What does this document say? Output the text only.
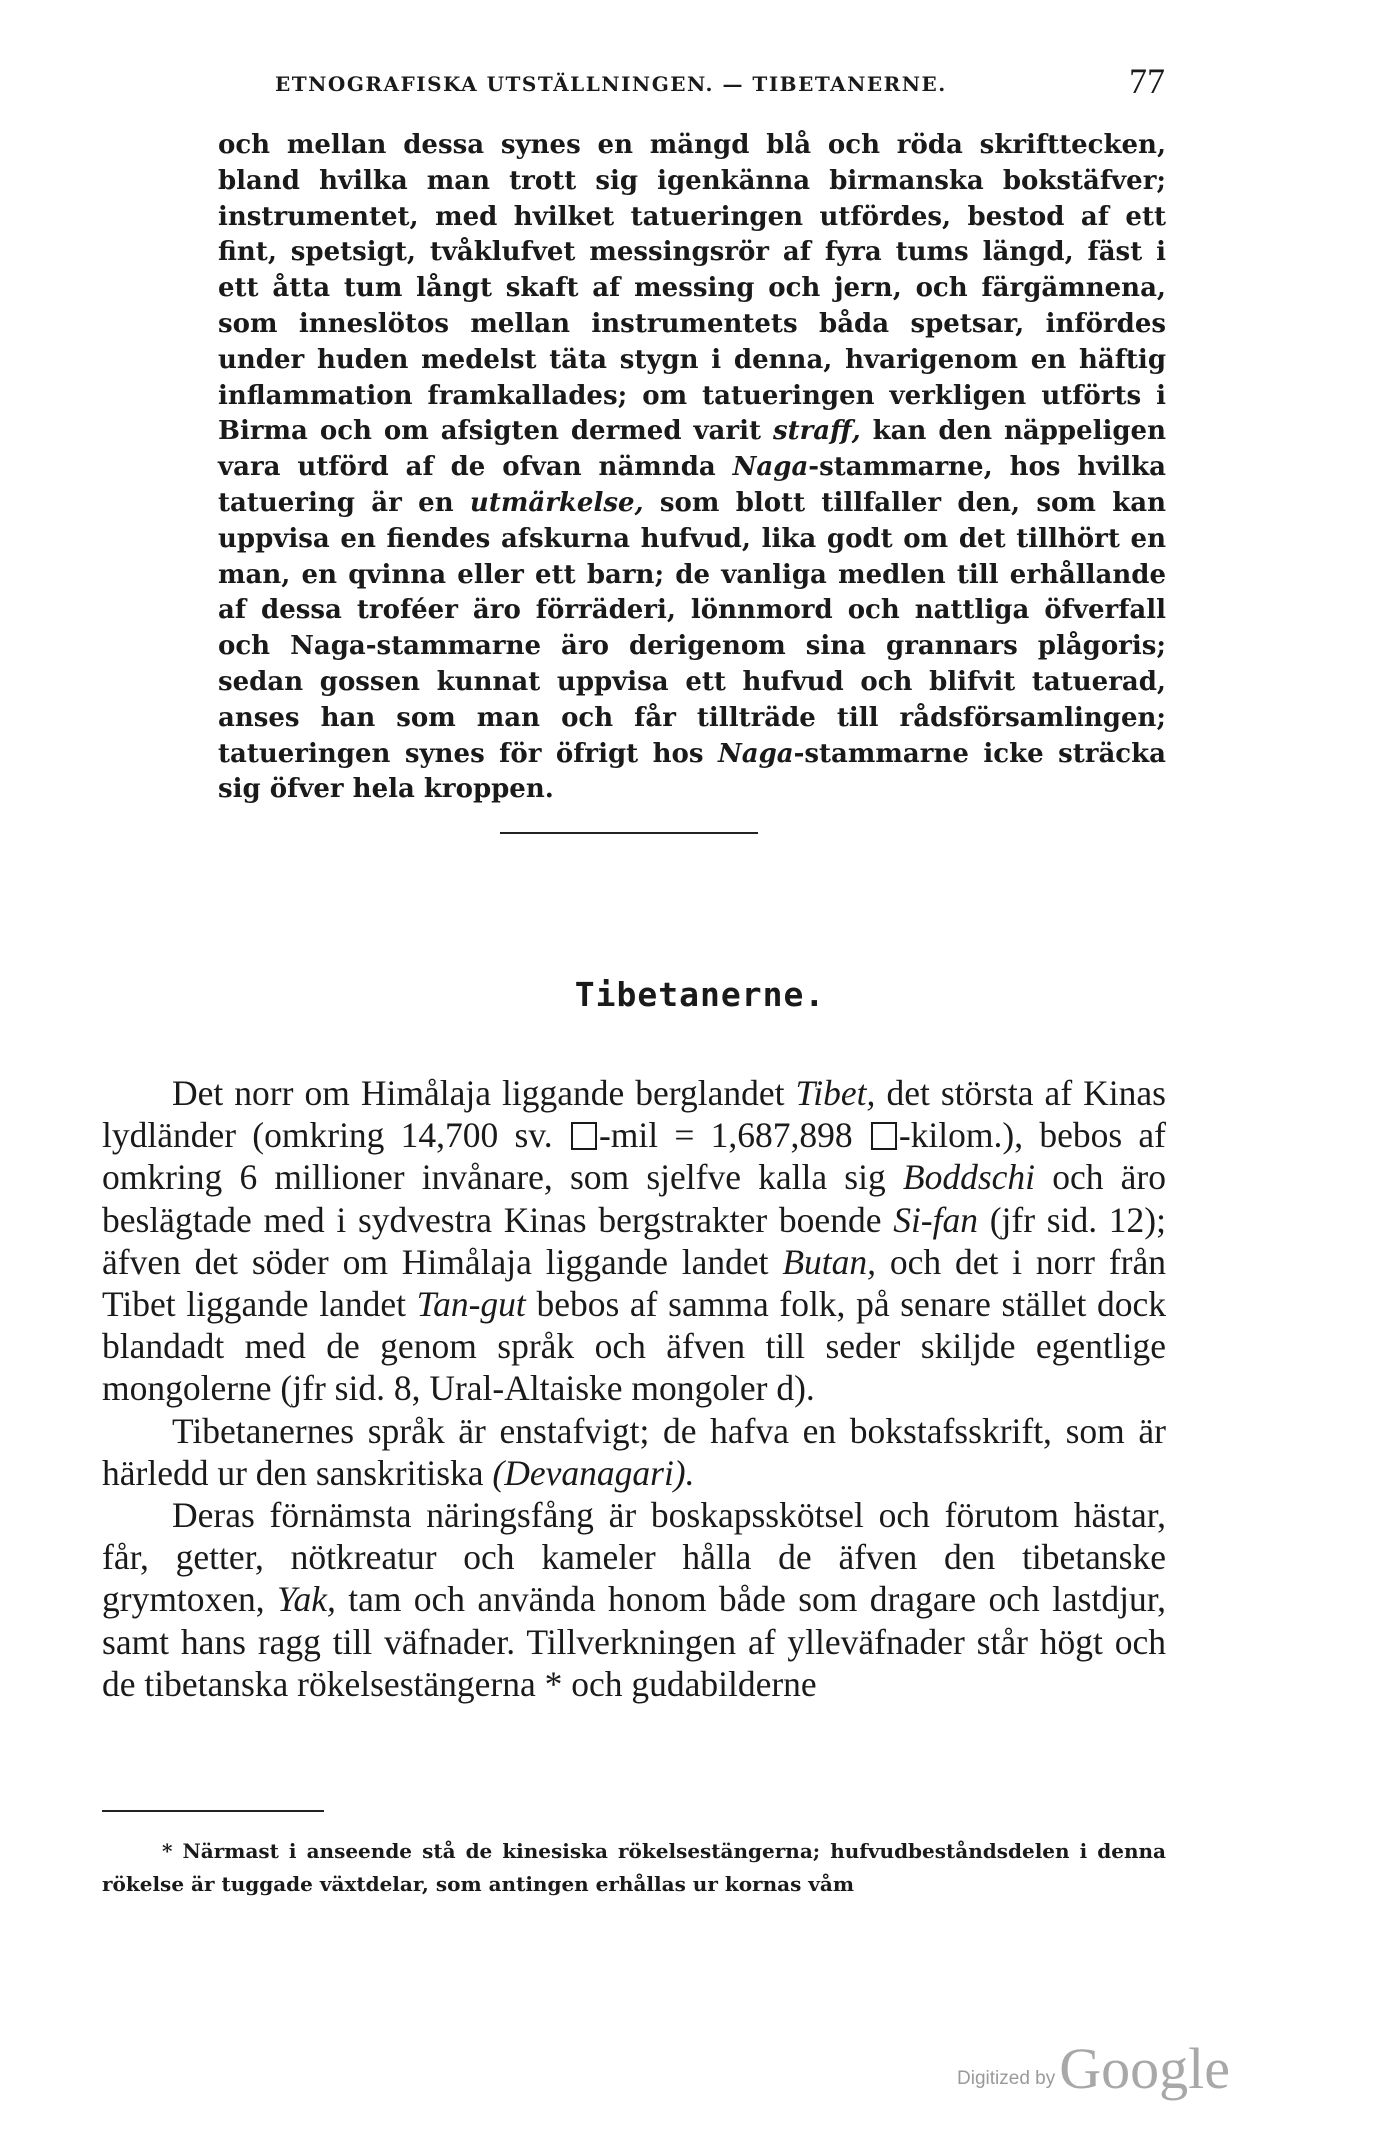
ETNOGRAFISKA UTSTÄLLNINGEN. — TIBETANERNE.	77

och mellan dessa synes en mängd blå och röda skrifttecken, bland hvilka man trott sig igenkänna birmanska bokstäfver; instrumentet, med hvilket tatueringen utfördes, bestod af ett fint, spetsigt, tvåklufvet messingsrör af fyra tums längd, fäst i ett åtta tum långt skaft af messing och jern, och färgämnena, som inneslötos mellan instrumentets båda spetsar, infördes under huden medelst täta stygn i denna, hvarigenom en häftig inflammation framkallades; om tatueringen verkligen utförts i Birma och om afsigten dermed varit straff, kan den näppeligen vara utförd af de ofvan nämnda Naga-stammarne, hos hvilka tatuering är en utmärkelse, som blott tillfaller den, som kan uppvisa en fiendes afskurna hufvud, lika godt om det tillhört en man, en qvinna eller ett barn; de vanliga medlen till erhållande af dessa troféer äro förräderi, lönnmord och nattliga öfverfall och Naga-stammarne äro derigenom sina grannars plågoris; sedan gossen kunnat uppvisa ett hufvud och blifvit tatuerad, anses han som man och får tillträde till rådsförsamlingen; tatueringen synes för öfrigt hos Naga-stammarne icke sträcka sig öfver hela kroppen.

Tibetanerne.

Det norr om Himålaja liggande berglandet Tibet, det största af Kinas lydländer (omkring 14,700 sv. -mil = 1,687,898 -kilom.), bebos af omkring 6 millioner invånare, som sjelfve kalla sig Boddschi och äro beslägtade med i sydvestra Kinas bergstrakter boende Si-fan (jfr sid. 12); äfven det söder om Himålaja liggande landet Butan, och det i norr från Tibet liggande landet Tan-gut bebos af samma folk, på senare stället dock blandadt med de genom språk och äfven till seder skiljde egentlige mongolerne (jfr sid. 8, Ural-Altaiske mongoler d).

Tibetanernes språk är enstafvigt; de hafva en bokstafsskrift, som är härledd ur den sanskritiska (Devanagari).

Deras förnämsta näringsfång är boskapsskötsel och förutom hästar, får, getter, nötkreatur och kameler hålla de äfven den tibetanske grymtoxen, Yak, tam och använda honom både som dragare och lastdjur, samt hans ragg till väfnader. Tillverkningen af ylleväfnader står högt och de tibetanska rökelsestängerna * och gudabilderne

* Närmast i anseende stå de kinesiska rökelsestängerna; hufvudbeståndsdelen i denna rökelse är tuggade växtdelar, som antingen erhållas ur kornas våm
Digitized byGoogle
